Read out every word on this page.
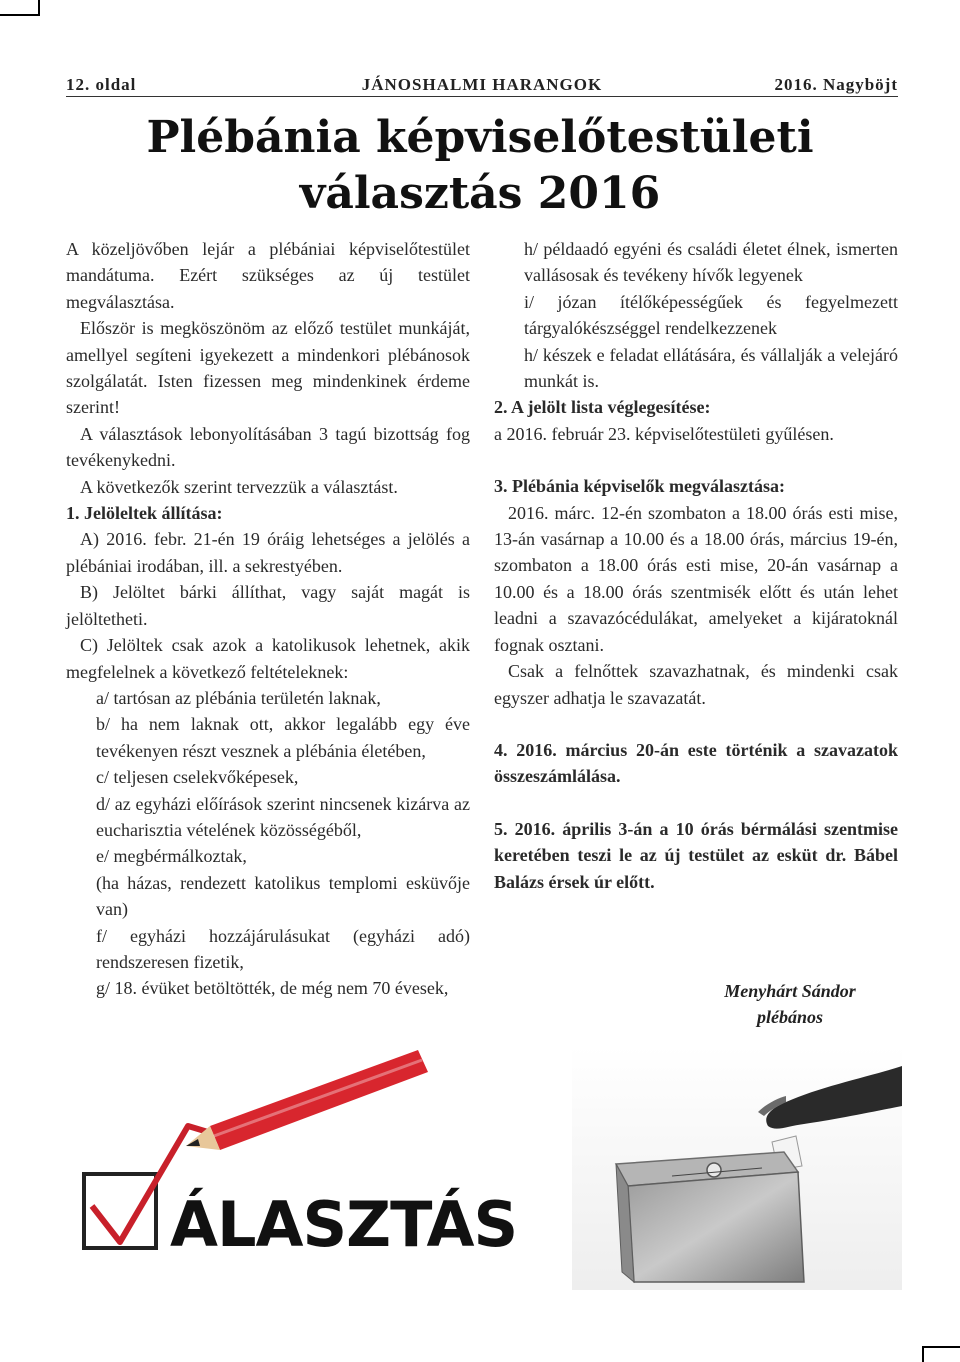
12. oldal	JÁNOSHALMI HARANGOK	2016. Nagyböjt
Plébánia képviselőtestületi
választás 2016

A közeljövőben lejár a plébániai képviselőtestület mandátuma. Ezért szükséges az új testület megválasztása.

Először is megköszönöm az előző testület munkáját, amellyel segíteni igyekezett a mindenkori plébánosok szolgálatát. Isten fizessen meg mindenkinek érdeme szerint!

A választások lebonyolításában 3 tagú bizottság fog tevékenykedni.

A következők szerint tervezzük a választást.

1. Jelöleltek állítása:

A) 2016. febr. 21-én 19 óráig lehetséges a jelölés a plébániai irodában, ill. a sekrestyében.

B) Jelöltet bárki állíthat, vagy saját magát is jelöltetheti.

C) Jelöltek csak azok a katolikusok lehetnek, akik megfelelnek a következő feltételeknek:

a/ tartósan az plébánia területén laknak,

b/ ha nem laknak ott, akkor legalább egy éve tevékenyen részt vesznek a plébánia életében,

c/ teljesen cselekvőképesek,

d/ az egyházi előírások szerint nincsenek kizárva az eucharisztia vételének közösségéből,

e/ megbérmálkoztak,

(ha házas, rendezett katolikus templomi esküvője van)

f/ egyházi hozzájárulásukat (egyházi adó) rendszeresen fizetik,

g/ 18. évüket betöltötték, de még nem 70 évesek,

h/ példaadó egyéni és családi életet élnek, ismerten vallásosak és tevékeny hívők legyenek

i/ józan ítélőképességűek és fegyelmezett tárgyalókészséggel rendelkezzenek

h/ készek e feladat ellátására, és vállalják a velejáró munkát is.

2. A jelölt lista véglegesítése:

a 2016. február 23. képviselőtestületi gyűlésen.

3. Plébánia képviselők megválasztása:

2016. márc. 12-én szombaton a 18.00 órás esti mise, 13-án vasárnap a 10.00 és a 18.00 órás, március 19-én, szombaton a 18.00 órás esti mise, 20-án vasárnap a 10.00 és a 18.00 órás szentmisék előtt és után lehet leadni a szavazócédulákat, amelyeket a kijáratoknál fognak osztani.

Csak a felnőttek szavazhatnak, és mindenki csak egyszer adhatja le szavazatát.

4. 2016. március 20-án este történik a szavazatok összeszámlálása.

5. 2016. április 3-án a 10 órás bérmálási szentmise keretében teszi le az új testület az esküt dr. Bábel Balázs érsek úr előtt.

Menyhárt Sándor
plébános
ÁLASZTÁS
